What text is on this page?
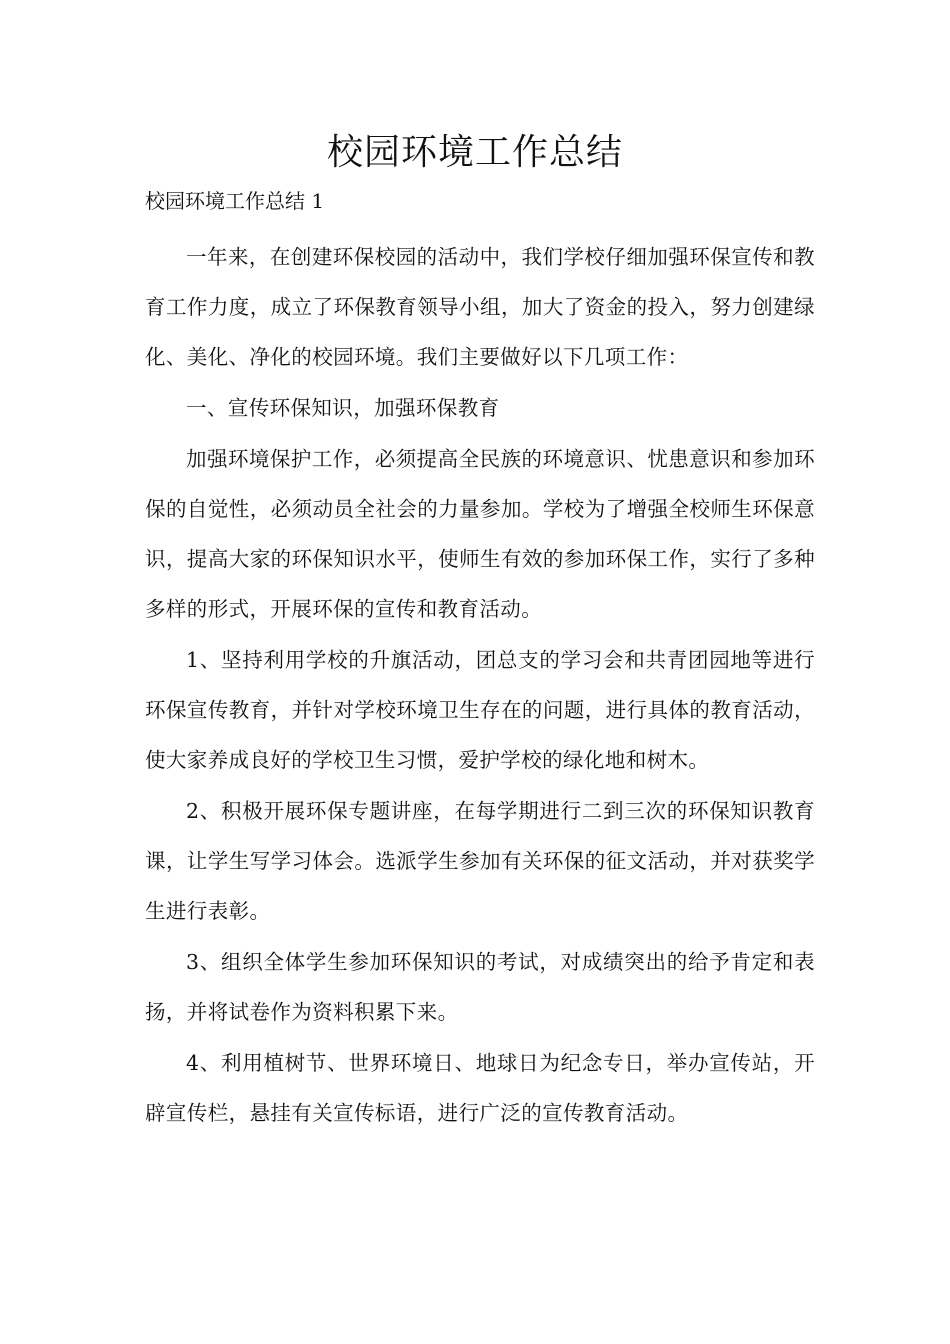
校园环境工作总结

校园环境工作总结 1

一年来，在创建环保校园的活动中，我们学校仔细加强环保宣传和教育工作力度，成立了环保教育领导小组，加大了资金的投入，努力创建绿化、美化、净化的校园环境。我们主要做好以下几项工作：

一、宣传环保知识，加强环保教育

加强环境保护工作，必须提高全民族的环境意识、忧患意识和参加环保的自觉性，必须动员全社会的力量参加。学校为了增强全校师生环保意识，提高大家的环保知识水平，使师生有效的参加环保工作，实行了多种多样的形式，开展环保的宣传和教育活动。

1、坚持利用学校的升旗活动，团总支的学习会和共青团园地等进行环保宣传教育，并针对学校环境卫生存在的问题，进行具体的教育活动，使大家养成良好的学校卫生习惯，爱护学校的绿化地和树木。

2、积极开展环保专题讲座，在每学期进行二到三次的环保知识教育课，让学生写学习体会。选派学生参加有关环保的征文活动，并对获奖学生进行表彰。

3、组织全体学生参加环保知识的考试，对成绩突出的给予肯定和表扬，并将试卷作为资料积累下来。

4、利用植树节、世界环境日、地球日为纪念专日，举办宣传站，开辟宣传栏，悬挂有关宣传标语，进行广泛的宣传教育活动。
